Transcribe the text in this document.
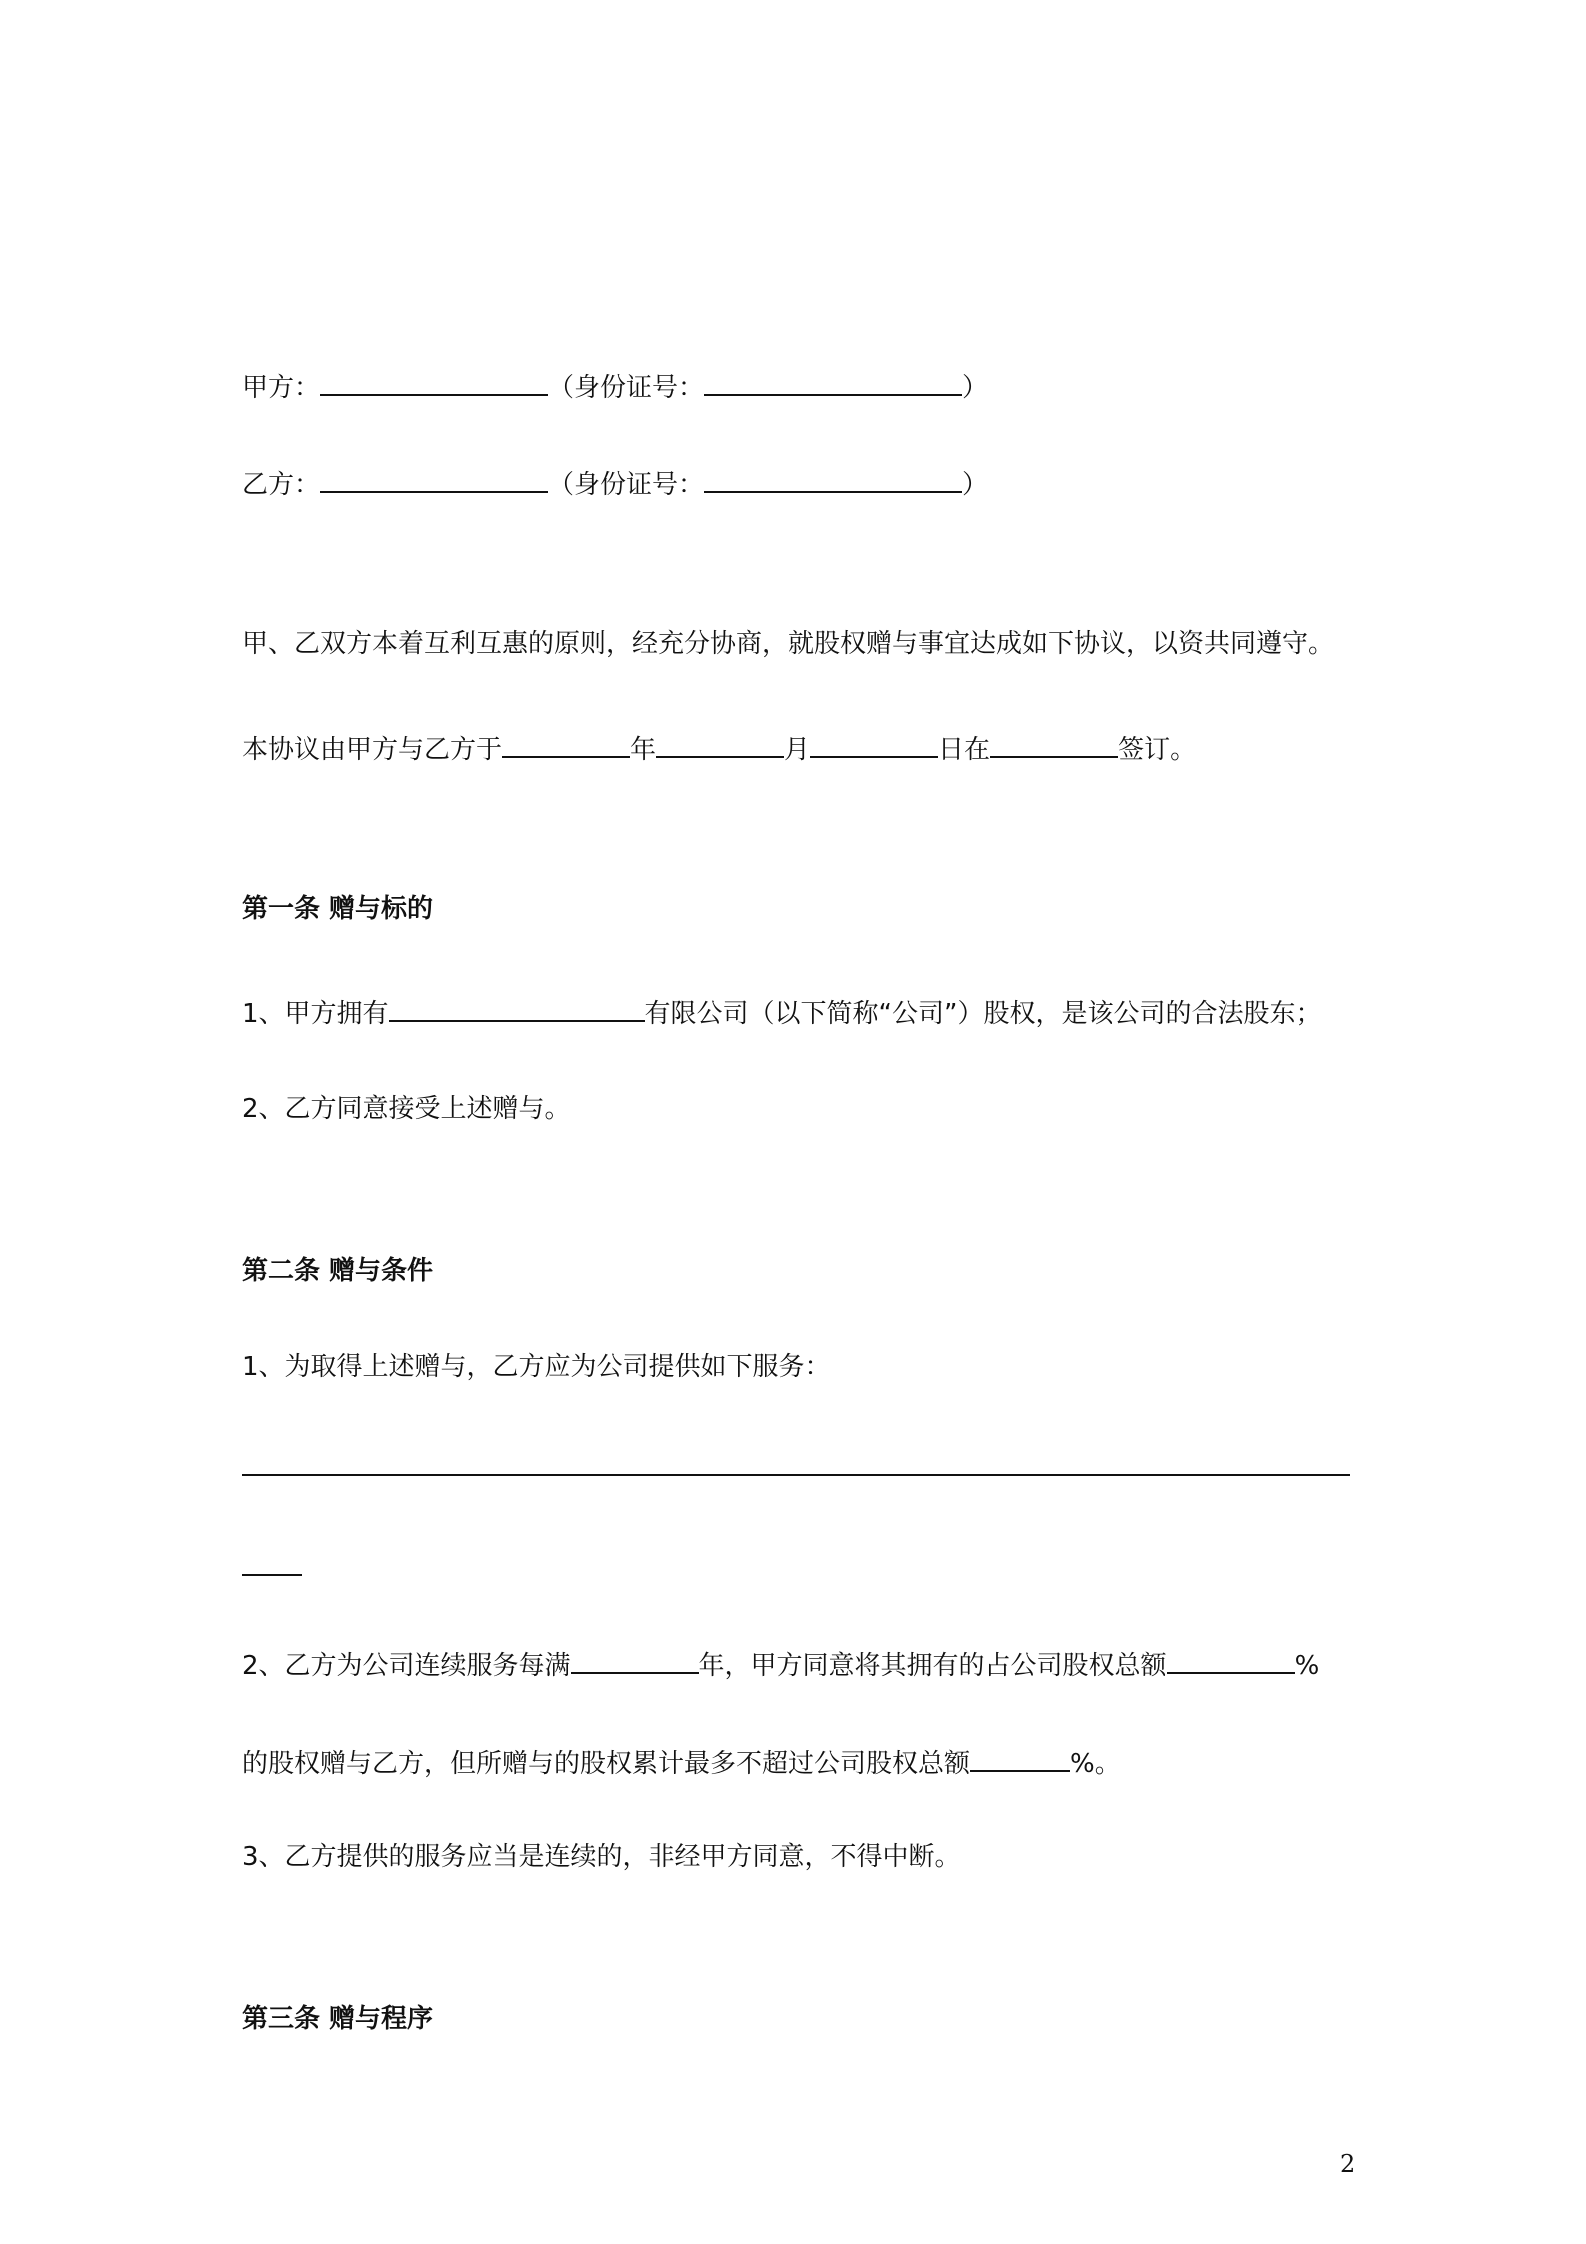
甲方：	（身份证号：	）
乙方：	（身份证号：	）
甲、乙双方本着互利互惠的原则，经充分协商，就股权赠与事宜达成如下协议，以资共同遵守。
本协议由甲方与乙方于	年	月	日在	签订。
第一条 赠与标的
1、甲方拥有	有限公司（以下简称“公司”）股权，是该公司的合法股东；
2、乙方同意接受上述赠与。
第二条 赠与条件
1、为取得上述赠与，乙方应为公司提供如下服务：
2、乙方为公司连续服务每满	年，甲方同意将其拥有的占公司股权总额	%
的股权赠与乙方，但所赠与的股权累计最多不超过公司股权总额	%。
3、乙方提供的服务应当是连续的，非经甲方同意，不得中断。
第三条 赠与程序
2
